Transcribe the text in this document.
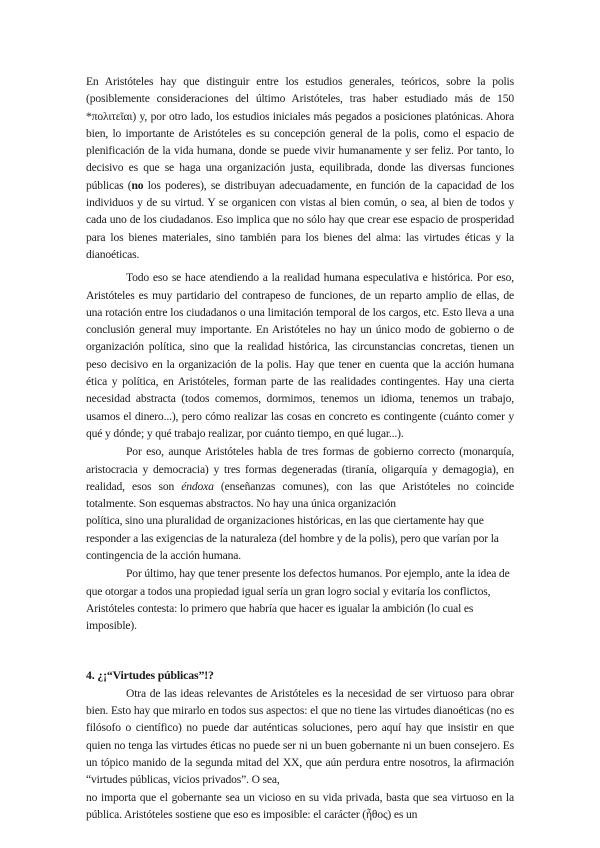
En Aristóteles hay que distinguir entre los estudios generales, teóricos, sobre la polis (posiblemente consideraciones del último Aristóteles, tras haber estudiado más de 150 *πολιτεῖαι) y, por otro lado, los estudios iniciales más pegados a posiciones platónicas. Ahora bien, lo importante de Aristóteles es su concepción general de la polis, como el espacio de plenificación de la vida humana, donde se puede vivir humanamente y ser feliz. Por tanto, lo decisivo es que se haga una organización justa, equilibrada, donde las diversas funciones públicas (no los poderes), se distribuyan adecuadamente, en función de la capacidad de los individuos y de su virtud. Y se organicen con vistas al bien común, o sea, al bien de todos y cada uno de los ciudadanos. Eso implica que no sólo hay que crear ese espacio de prosperidad para los bienes materiales, sino también para los bienes del alma: las virtudes éticas y la dianoéticas.

Todo eso se hace atendiendo a la realidad humana especulativa e histórica. Por eso, Aristóteles es muy partidario del contrapeso de funciones, de un reparto amplio de ellas, de una rotación entre los ciudadanos o una limitación temporal de los cargos, etc. Esto lleva a una conclusión general muy importante. En Aristóteles no hay un único modo de gobierno o de organización política, sino que la realidad histórica, las circunstancias concretas, tienen un peso decisivo en la organización de la polis. Hay que tener en cuenta que la acción humana ética y política, en Aristóteles, forman parte de las realidades contingentes. Hay una cierta necesidad abstracta (todos comemos, dormimos, tenemos un idioma, tenemos un trabajo, usamos el dinero...), pero cómo realizar las cosas en concreto es contingente (cuánto comer y qué y dónde; y qué trabajo realizar, por cuánto tiempo, en qué lugar...).

Por eso, aunque Aristóteles habla de tres formas de gobierno correcto (monarquía, aristocracia y democracia) y tres formas degeneradas (tiranía, oligarquía y demagogia), en realidad, esos son éndoxa (enseñanzas comunes), con las que Aristóteles no coincide totalmente. Son esquemas abstractos. No hay una única organización

política, sino una pluralidad de organizaciones históricas, en las que ciertamente hay que responder a las exigencias de la naturaleza (del hombre y de la polis), pero que varían por la contingencia de la acción humana.

Por último, hay que tener presente los defectos humanos. Por ejemplo, ante la idea de que otorgar a todos una propiedad igual sería un gran logro social y evitaría los conflictos, Aristóteles contesta: lo primero que habría que hacer es igualar la ambición (lo cual es imposible).

4. ¿¡“Virtudes públicas”!?

Otra de las ideas relevantes de Aristóteles es la necesidad de ser virtuoso para obrar bien. Esto hay que mirarlo en todos sus aspectos: el que no tiene las virtudes dianoéticas (no es filósofo o científico) no puede dar auténticas soluciones, pero aquí hay que insistir en que quien no tenga las virtudes éticas no puede ser ni un buen gobernante ni un buen consejero. Es un tópico manido de la segunda mitad del XX, que aún perdura entre nosotros, la afirmación “virtudes públicas, vicios privados”. O sea,

no importa que el gobernante sea un vicioso en su vida privada, basta que sea virtuoso en la pública. Aristóteles sostiene que eso es imposible: el carácter (ἦθος) es un
